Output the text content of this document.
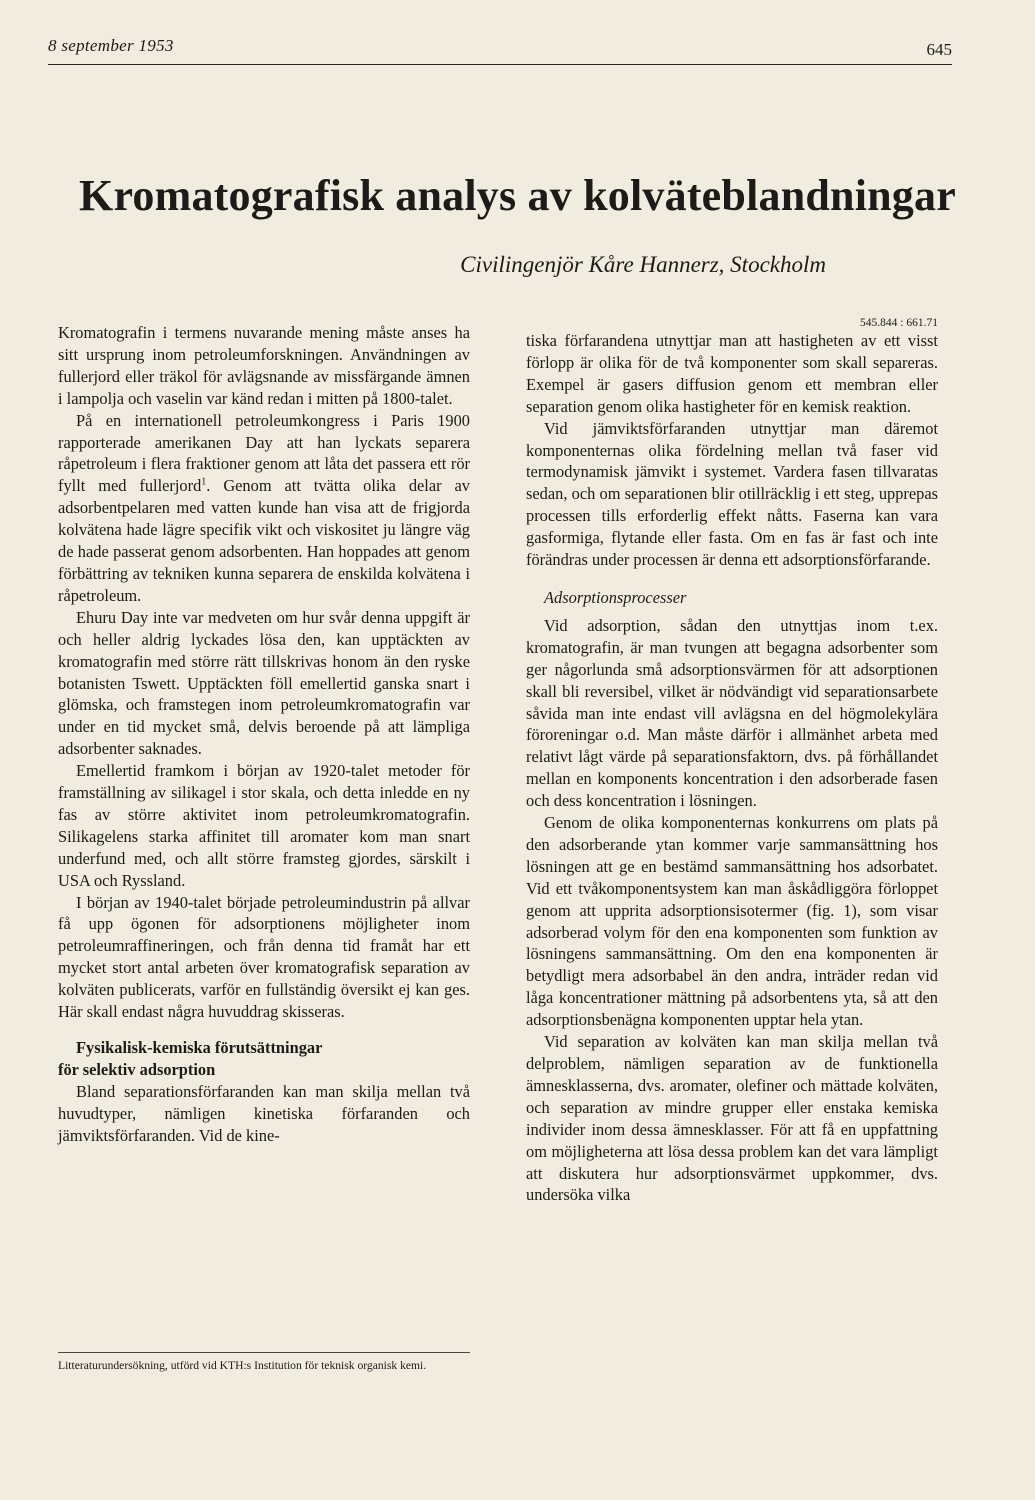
8 september 1953	645
Kromatografisk analys av kolväteblandningar
Civilingenjör Kåre Hannerz, Stockholm

Kromatografin i termens nuvarande mening måste anses ha sitt ursprung inom petroleumforskningen. Användningen av fullerjord eller träkol för avlägsnande av missfärgande ämnen i lampolja och vaselin var känd redan i mitten på 1800-talet.

På en internationell petroleumkongress i Paris 1900 rapporterade amerikanen Day att han lyckats separera råpetroleum i flera fraktioner genom att låta det passera ett rör fyllt med fullerjord$^1$. Genom att tvätta olika delar av adsorbentpelaren med vatten kunde han visa att de frigjorda kolvätena hade lägre specifik vikt och viskositet ju längre väg de hade passerat genom adsorbenten. Han hoppades att genom förbättring av tekniken kunna separera de enskilda kolvätena i råpetroleum.

Ehuru Day inte var medveten om hur svår denna uppgift är och heller aldrig lyckades lösa den, kan upptäckten av kromatografin med större rätt tillskrivas honom än den ryske botanisten Tswett. Upptäckten föll emellertid ganska snart i glömska, och framstegen inom petroleumkromatografin var under en tid mycket små, delvis beroende på att lämpliga adsorbenter saknades.

Emellertid framkom i början av 1920-talet metoder för framställning av silikagel i stor skala, och detta inledde en ny fas av större aktivitet inom petroleumkromatografin. Silikagelens starka affinitet till aromater kom man snart underfund med, och allt större framsteg gjordes, särskilt i USA och Ryssland.

I början av 1940-talet började petroleumindustrin på allvar få upp ögonen för adsorptionens möjligheter inom petroleumraffineringen, och från denna tid framåt har ett mycket stort antal arbeten över kromatografisk separation av kolväten publicerats, varför en fullständig översikt ej kan ges. Här skall endast några huvuddrag skisseras.

Fysikalisk-kemiska förutsättningar
för selektiv adsorption

Bland separationsförfaranden kan man skilja mellan två huvudtyper, nämligen kinetiska förfaranden och jämviktsförfaranden. Vid de kine-

Litteraturundersökning, utförd vid KTH:s Institution för teknisk organisk kemi.
545.844 : 661.71

tiska förfarandena utnyttjar man att hastigheten av ett visst förlopp är olika för de två komponenter som skall separeras. Exempel är gasers diffusion genom ett membran eller separation genom olika hastigheter för en kemisk reaktion.

Vid jämviktsförfaranden utnyttjar man däremot komponenternas olika fördelning mellan två faser vid termodynamisk jämvikt i systemet. Vardera fasen tillvaratas sedan, och om separationen blir otillräcklig i ett steg, upprepas processen tills erforderlig effekt nåtts. Faserna kan vara gasformiga, flytande eller fasta. Om en fas är fast och inte förändras under processen är denna ett adsorptionsförfarande.

Adsorptionsprocesser

Vid adsorption, sådan den utnyttjas inom t.ex. kromatografin, är man tvungen att begagna adsorbenter som ger någorlunda små adsorptionsvärmen för att adsorptionen skall bli reversibel, vilket är nödvändigt vid separationsarbete såvida man inte endast vill avlägsna en del högmolekylära föroreningar o.d. Man måste därför i allmänhet arbeta med relativt lågt värde på separationsfaktorn, dvs. på förhållandet mellan en komponents koncentration i den adsorberade fasen och dess koncentration i lösningen.

Genom de olika komponenternas konkurrens om plats på den adsorberande ytan kommer varje sammansättning hos lösningen att ge en bestämd sammansättning hos adsorbatet. Vid ett tvåkomponentsystem kan man åskådliggöra förloppet genom att upprita adsorptionsisotermer (fig. 1), som visar adsorberad volym för den ena komponenten som funktion av lösningens sammansättning. Om den ena komponenten är betydligt mera adsorbabel än den andra, inträder redan vid låga koncentrationer mättning på adsorbentens yta, så att den adsorptionsbenägna komponenten upptar hela ytan.

Vid separation av kolväten kan man skilja mellan två delproblem, nämligen separation av de funktionella ämnesklasserna, dvs. aromater, olefiner och mättade kolväten, och separation av mindre grupper eller enstaka kemiska individer inom dessa ämnesklasser. För att få en uppfattning om möjligheterna att lösa dessa problem kan det vara lämpligt att diskutera hur adsorptionsvärmet uppkommer, dvs. undersöka vilka
